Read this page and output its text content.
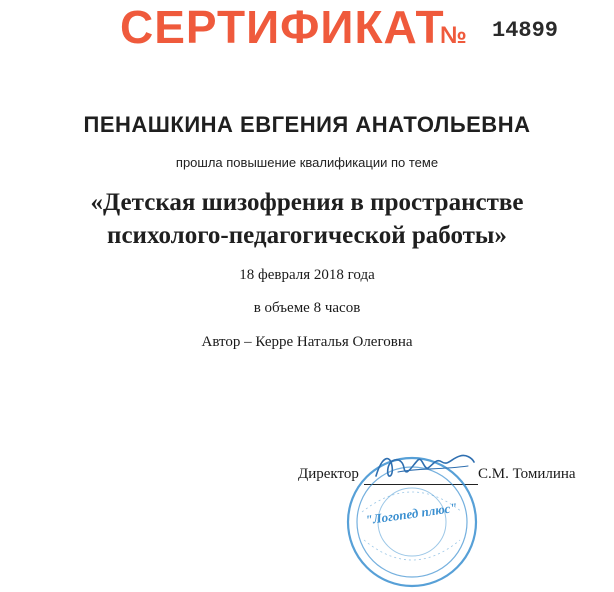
СЕРТИФИКАТ
№ 14899
ПЕНАШКИНА ЕВГЕНИЯ АНАТОЛЬЕВНА
прошла повышение квалификации по теме
«Детская шизофрения в пространстве
психолого-педагогической работы»
18 февраля 2018 года
в объеме 8 часов
Автор – Керре Наталья Олеговна
Директор	С.М. Томилина
"Логопед плюс"
